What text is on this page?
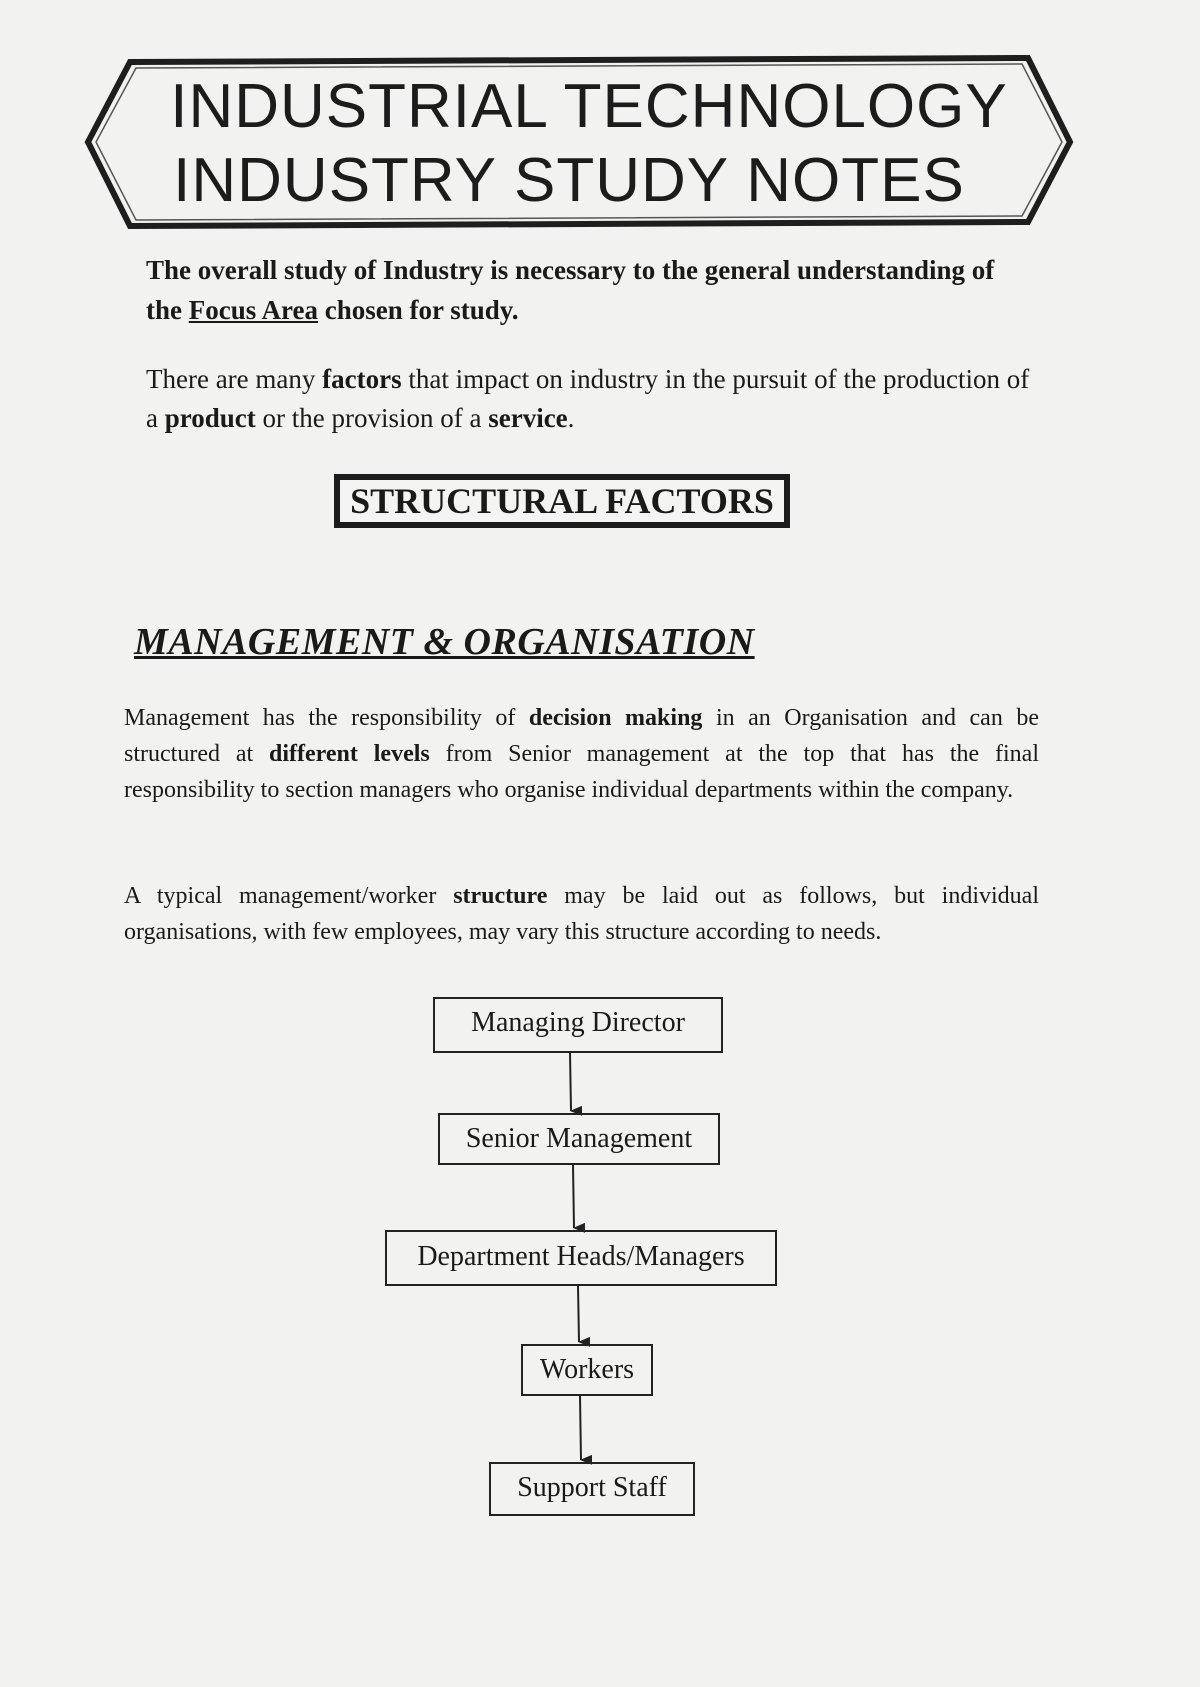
INDUSTRIAL TECHNOLOGY
INDUSTRY STUDY NOTES
The overall study of Industry is necessary to the general understanding of the Focus Area chosen for study.
There are many factors that impact on industry in the pursuit of the production of a product or the provision of a service.
STRUCTURAL FACTORS
MANAGEMENT & ORGANISATION
Management has the responsibility of decision making in an Organisation and can be structured at different levels from Senior management at the top that has the final responsibility to section managers who organise individual departments within the company.
A typical management/worker structure may be laid out as follows, but individual organisations, with few employees, may vary this structure according to needs.
Managing Director
Senior Management
Department Heads/Managers
Workers
Support Staff
